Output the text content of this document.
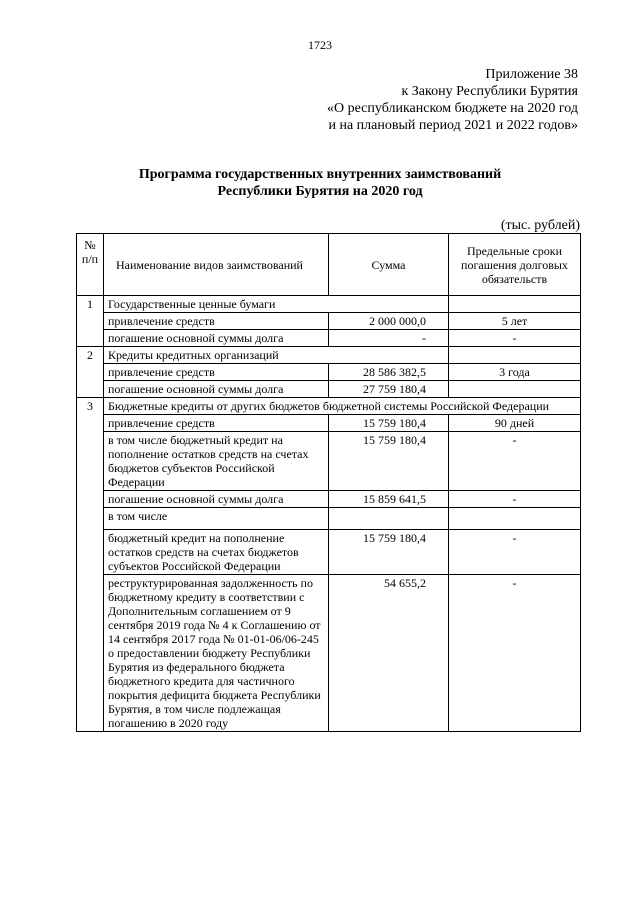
1723
Приложение 38
к Закону Республики Бурятия
«О республиканском бюджете на 2020 год
и на плановый период 2021 и 2022 годов»
Программа государственных внутренних заимствований
Республики Бурятия на 2020 год
(тыс. рублей)
№ п/п	Наименование видов заимствований	Сумма	Предельные сроки погашения долговых обязательств
1	Государственные ценные бумаги		
	привлечение средств	2 000 000,0	5 лет
	погашение основной суммы долга	-	-
2	Кредиты кредитных организаций		
	привлечение средств	28 586 382,5	3 года
	погашение основной суммы долга	27 759 180,4	
3	Бюджетные кредиты от других бюджетов бюджетной системы Российской Федерации		
	привлечение средств	15 759 180,4	90 дней
	в том числе бюджетный кредит на пополнение остатков средств на счетах бюджетов субъектов Российской Федерации	15 759 180,4	-
	погашение основной суммы долга	15 859 641,5	-
	в том числе		
	бюджетный кредит на пополнение остатков средств на счетах бюджетов субъектов Российской Федерации	15 759 180,4	-
	реструктурированная задолженность по бюджетному кредиту в соответствии с Дополнительным соглашением от 9 сентября 2019 года № 4 к Соглашению от 14 сентября 2017 года № 01-01-06/06-245 о предоставлении бюджету Республики Бурятия из федерального бюджета бюджетного кредита для частичного покрытия дефицита бюджета Республики Бурятия, в том числе подлежащая погашению в 2020 году	54 655,2	-
